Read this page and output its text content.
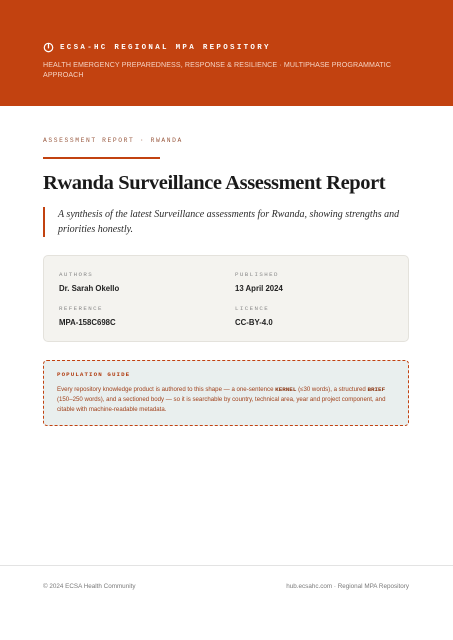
ECSA-HC REGIONAL MPA REPOSITORY
HEALTH EMERGENCY PREPAREDNESS, RESPONSE & RESILIENCE · MULTIPHASE PROGRAMMATIC APPROACH
ASSESSMENT REPORT · RWANDA
Rwanda Surveillance Assessment Report

A synthesis of the latest Surveillance assessments for Rwanda, showing strengths and priorities honestly.

AUTHORS
Dr. Sarah Okello
PUBLISHED
13 April 2024
REFERENCE
MPA-158C698C
LICENCE
CC-BY-4.0
POPULATION GUIDE

Every repository knowledge product is authored to this shape — a one-sentence KERNEL (≤30 words), a structured BRIEF (150–250 words), and a sectioned body — so it is searchable by country, technical area, year and project component, and citable with machine-readable metadata.

© 2024 ECSA Health Community	hub.ecsahc.com · Regional MPA Repository
